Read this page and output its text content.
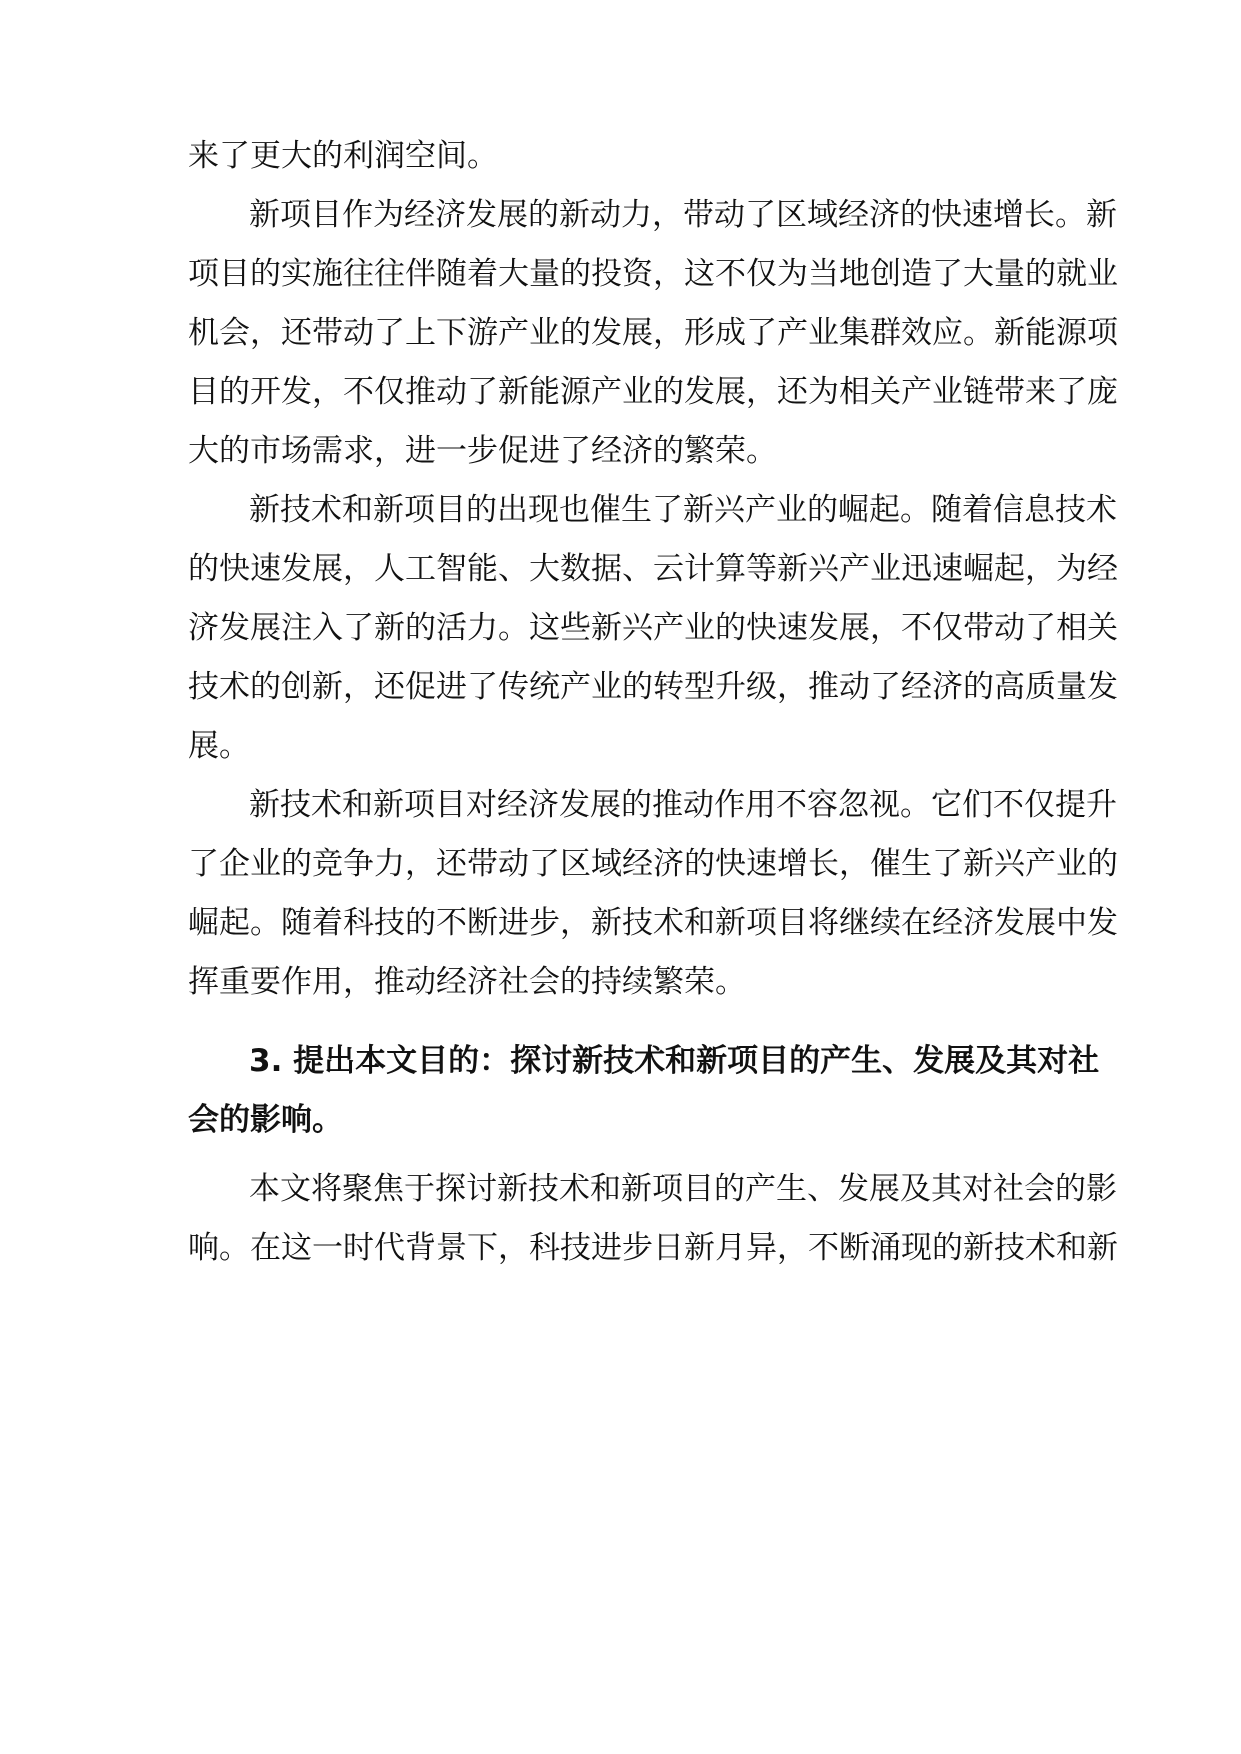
来了更大的利润空间。
新项目作为经济发展的新动力，带动了区域经济的快速增长。新
项目的实施往往伴随着大量的投资，这不仅为当地创造了大量的就业
机会，还带动了上下游产业的发展，形成了产业集群效应。新能源项
目的开发，不仅推动了新能源产业的发展，还为相关产业链带来了庞
大的市场需求，进一步促进了经济的繁荣。
新技术和新项目的出现也催生了新兴产业的崛起。随着信息技术
的快速发展，人工智能、大数据、云计算等新兴产业迅速崛起，为经
济发展注入了新的活力。这些新兴产业的快速发展，不仅带动了相关
技术的创新，还促进了传统产业的转型升级，推动了经济的高质量发
展。
新技术和新项目对经济发展的推动作用不容忽视。它们不仅提升
了企业的竞争力，还带动了区域经济的快速增长，催生了新兴产业的
崛起。随着科技的不断进步，新技术和新项目将继续在经济发展中发
挥重要作用，推动经济社会的持续繁荣。
3. 提出本文目的：探讨新技术和新项目的产生、发展及其对社
会的影响。
本文将聚焦于探讨新技术和新项目的产生、发展及其对社会的影
响。在这一时代背景下，科技进步日新月异，不断涌现的新技术和新
